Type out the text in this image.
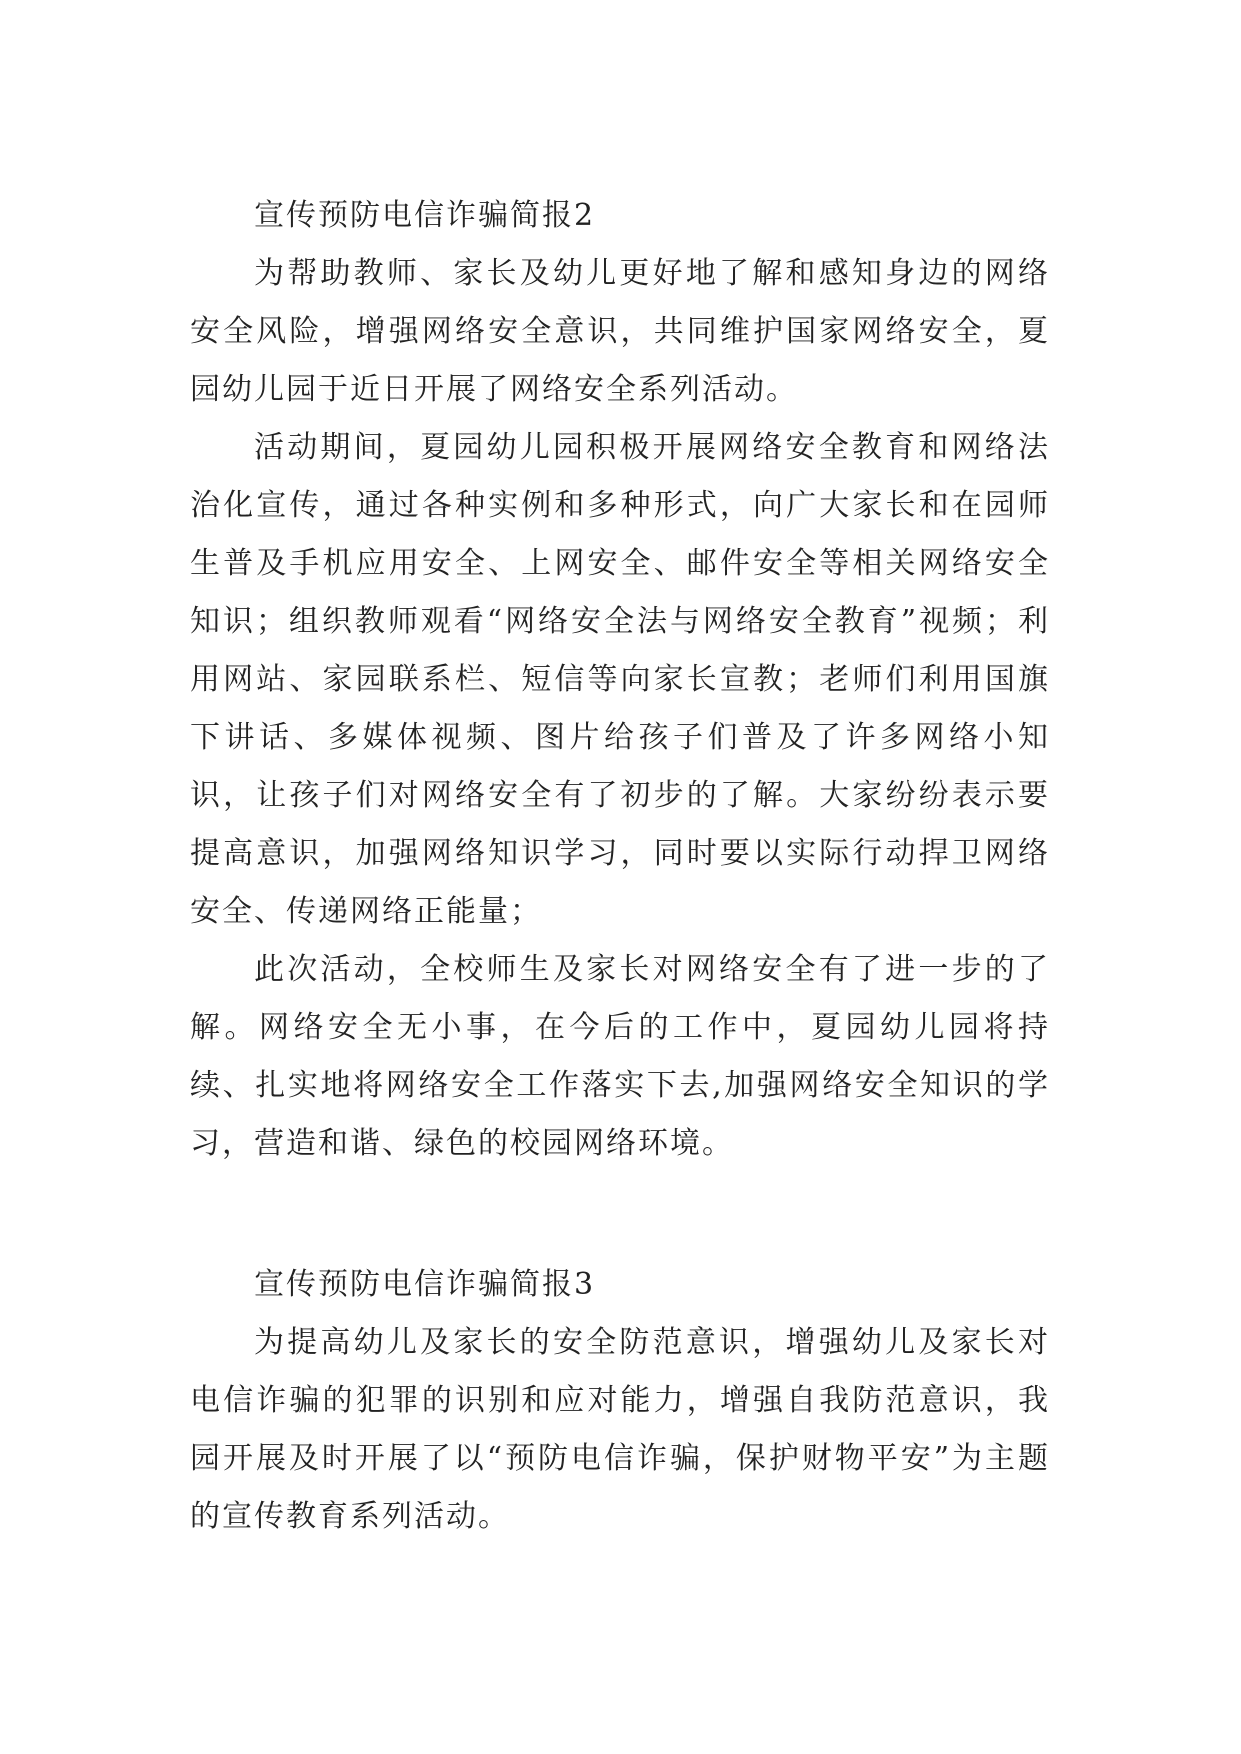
宣传预防电信诈骗简报2

为帮助教师、家长及幼儿更好地了解和感知身边的网络安全风险，增强网络安全意识，共同维护国家网络安全，夏园幼儿园于近日开展了网络安全系列活动。

活动期间，夏园幼儿园积极开展网络安全教育和网络法治化宣传，通过各种实例和多种形式，向广大家长和在园师生普及手机应用安全、上网安全、邮件安全等相关网络安全知识；组织教师观看“网络安全法与网络安全教育”视频；利用网站、家园联系栏、短信等向家长宣教；老师们利用国旗下讲话、多媒体视频、图片给孩子们普及了许多网络小知识，让孩子们对网络安全有了初步的了解。大家纷纷表示要提高意识，加强网络知识学习，同时要以实际行动捍卫网络安全、传递网络正能量；

此次活动，全校师生及家长对网络安全有了进一步的了解。网络安全无小事，在今后的工作中，夏园幼儿园将持续、扎实地将网络安全工作落实下去,加强网络安全知识的学习，营造和谐、绿色的校园网络环境。

宣传预防电信诈骗简报3

为提高幼儿及家长的安全防范意识，增强幼儿及家长对电信诈骗的犯罪的识别和应对能力，增强自我防范意识，我园开展及时开展了以“预防电信诈骗，保护财物平安”为主题的宣传教育系列活动。
